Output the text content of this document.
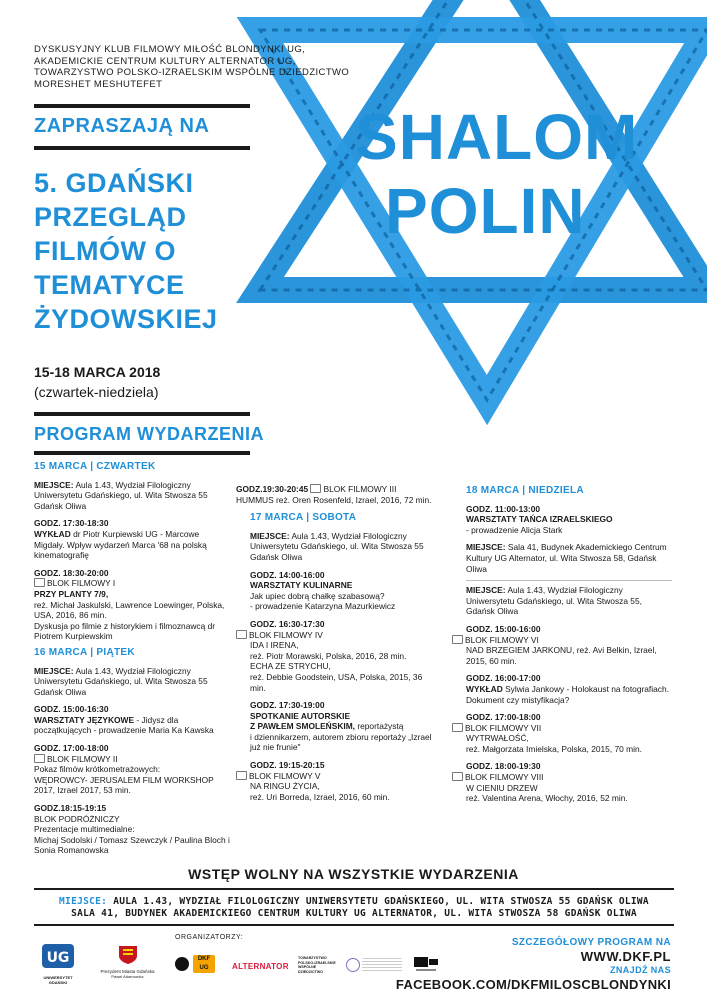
DYSKUSYJNY KLUB FILMOWY MIŁOŚĆ BLONDYNKI UG,
AKADEMICKIE CENTRUM KULTURY ALTERNATOR UG,
TOWARZYSTWO POLSKO-IZRAELSKIM WSPÓLNE DZIEDZICTWO
MORESHET MESHUTEFET
ZAPRASZAJĄ NA
5. GDAŃSKI
PRZEGLĄD
FILMÓW O
TEMATYCE
ŻYDOWSKIEJ
15-18 MARCA 2018
(czwartek-niedziela)
SHALOM
POLIN
PROGRAM WYDARZENIA
15 MARCA | CZWARTEK
MIEJSCE: Aula 1.43, Wydział Filologiczny Uniwersytetu Gdańskiego, ul. Wita Stwosza 55 Gdańsk Oliwa
GODZ. 17:30-18:30
WYKŁAD dr Piotr Kurpiewski UG - Marcowe Migdały. Wpływ wydarzeń Marca '68 na polską kinematografię
GODZ. 18:30-20:00
BLOK FILMOWY I
PRZY PLANTY 7/9,
reż. Michał Jaskulski, Lawrence Loewinger, Polska, USA, 2016, 86 min.
Dyskusja po filmie z historykiem i filmoznawcą dr Piotrem Kurpiewskim
16 MARCA | PIĄTEK
MIEJSCE: Aula 1.43, Wydział Filologiczny Uniwersytetu Gdańskiego, ul. Wita Stwosza 55 Gdańsk Oliwa
GODZ. 15:00-16:30
WARSZTATY JĘZYKOWE - Jidysz dla początkujących - prowadzenie Maria Ka Kawska
GODZ. 17:00-18:00
BLOK FILMOWY II
Pokaz filmów krótkometrażowych:
WĘDROWCY- JERUSALEM FILM WORKSHOP 2017, Izrael 2017, 53 min.
GODZ.18:15-19:15
BLOK PODRÓŻNICZY
Prezentacje multimedialne:
Michaj Sodolski / Tomasz Szewczyk / Paulina Bloch i Sonia Romanowska
GODZ.19:30-20:45 BLOK FILMOWY III HUMMUS reż. Oren Rosenfeld, Izrael, 2016, 72 min.
17 MARCA | SOBOTA
MIEJSCE: Aula 1.43, Wydział Filologiczny Uniwersytetu Gdańskiego, ul. Wita Stwosza 55 Gdańsk Oliwa
GODZ. 14:00-16:00
WARSZTATY KULINARNE
Jak upiec dobrą chałkę szabasową?
- prowadzenie Katarzyna Mazurkiewicz
GODZ. 16:30-17:30
BLOK FILMOWY IV
IDA I IRENA,
reż. Piotr Morawski, Polska, 2016, 28 min.
ECHA ZE STRYCHU,
reż. Debbie Goodstein, USA, Polska, 2015, 36 min.
GODZ. 17:30-19:00
SPOTKANIE AUTORSKIE
Z PAWŁEM SMOLEŃSKIM, reportażystą
i dziennikarzem, autorem zbioru reportaży „Izrael już nie frunie"
GODZ. 19:15-20:15
BLOK FILMOWY V
NA RINGU ŻYCIA,
reż. Uri Borreda, Izrael, 2016, 60 min.
18 MARCA | NIEDZIELA
GODZ. 11:00-13:00
WARSZTATY TAŃCA IZRAELSKIEGO
- prowadzenie Alicja Stark
MIEJSCE: Sala 41, Budynek Akademickiego Centrum Kultury UG Alternator, ul. Wita Stwosza 58, Gdańsk Oliwa
MIEJSCE: Aula 1.43, Wydział Filologiczny Uniwersytetu Gdańskiego, ul. Wita Stwosza 55, Gdańsk Oliwa
GODZ. 15:00-16:00
BLOK FILMOWY VI
NAD BRZEGIEM JARKONU, reż. Avi Belkin, Izrael, 2015, 60 min.
GODZ. 16:00-17:00
WYKŁAD Sylwia Jankowy - Holokaust na fotografiach. Dokument czy mistyfikacja?
GODZ. 17:00-18:00
BLOK FILMOWY VII
WYTRWAŁOŚĆ,
reż. Małgorzata Imielska, Polska, 2015, 70 min.
GODZ. 18:00-19:30
BLOK FILMOWY VIII
W CIENIU DRZEW
reż. Valentina Arena, Włochy, 2016, 52 min.
WSTĘP WOLNY NA WSZYSTKIE WYDARZENIA
MIEJSCE: AULA 1.43, WYDZIAŁ FILOLOGICZNY UNIWERSYTETU GDAŃSKIEGO, UL. WITA STWOSZA 55 GDAŃSK OLIWA
SALA 41, BUDYNEK AKADEMICKIEGO CENTRUM KULTURY UG ALTERNATOR, UL. WITA STWOSZA 58 GDAŃSK OLIWA
ORGANIZATORZY:
UG
UNIWERSYTET GDAŃSKI
Prezydent Miasta Gdańska
Paweł Adamowicz
DKF UG	ALTERNATOR
TOWARZYSTWO POLSKO-IZRAELSKIE WSPÓLNE DZIEDZICTWO
SZCZEGÓŁOWY PROGRAM NA
WWW.DKF.PL
ZNAJDŹ NAS
FACEBOOK.COM/DKFMILOSCBLONDYNKI
